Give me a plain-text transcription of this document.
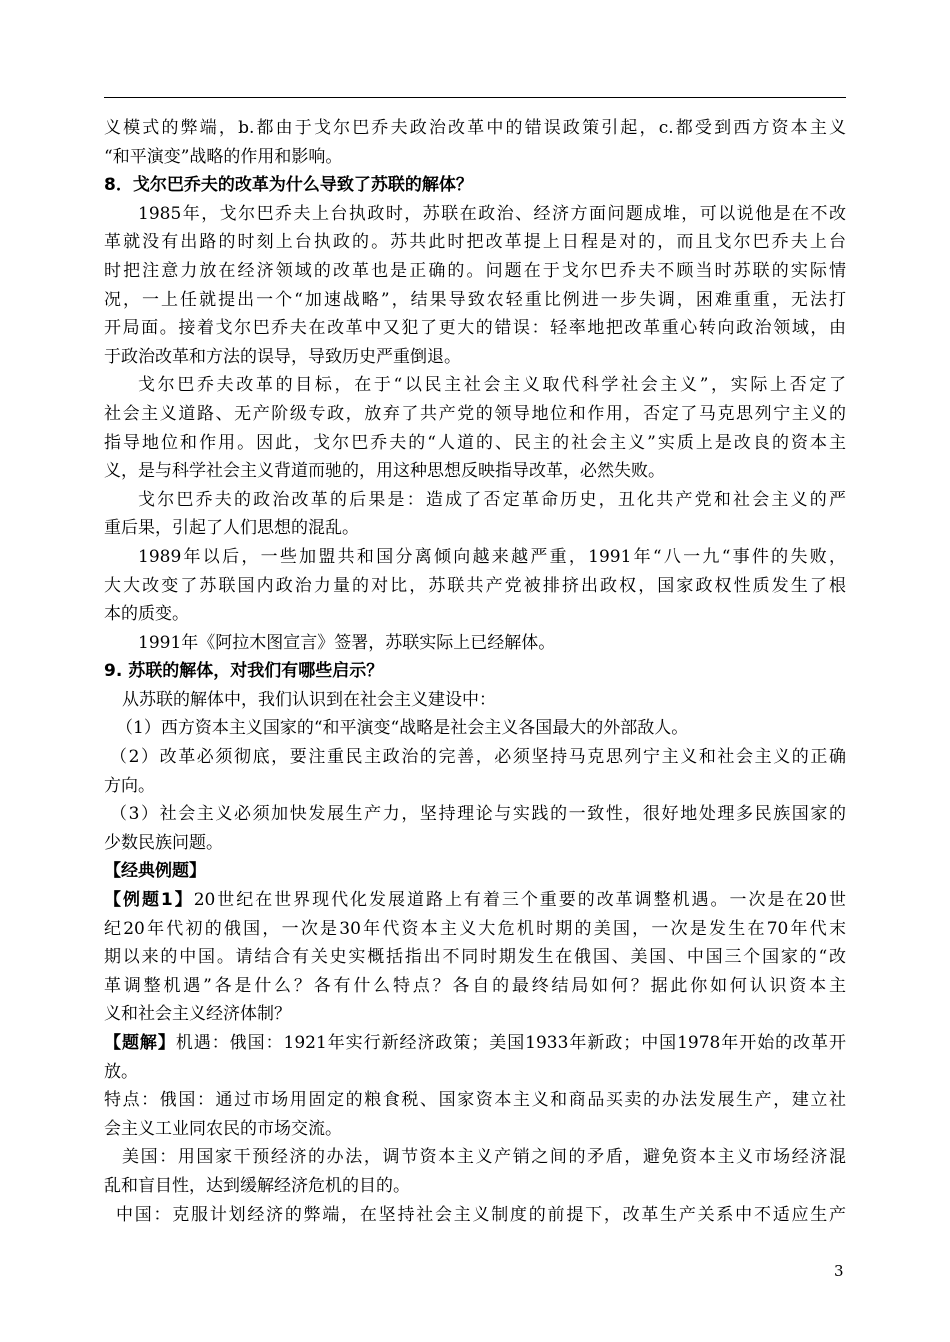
义模式的弊端，b.都由于戈尔巴乔夫政治改革中的错误政策引起，c.都受到西方资本主义
“和平演变”战略的作用和影响。
8．戈尔巴乔夫的改革为什么导致了苏联的解体？
1985年，戈尔巴乔夫上台执政时，苏联在政治、经济方面问题成堆，可以说他是在不改
革就没有出路的时刻上台执政的。苏共此时把改革提上日程是对的，而且戈尔巴乔夫上台
时把注意力放在经济领域的改革也是正确的。问题在于戈尔巴乔夫不顾当时苏联的实际情
况，一上任就提出一个“加速战略”，结果导致农轻重比例进一步失调，困难重重，无法打
开局面。接着戈尔巴乔夫在改革中又犯了更大的错误：轻率地把改革重心转向政治领域，由
于政治改革和方法的误导，导致历史严重倒退。
戈尔巴乔夫改革的目标，在于“以民主社会主义取代科学社会主义”，实际上否定了
社会主义道路、无产阶级专政，放弃了共产党的领导地位和作用，否定了马克思列宁主义的
指导地位和作用。因此，戈尔巴乔夫的“人道的、民主的社会主义”实质上是改良的资本主
义，是与科学社会主义背道而驰的，用这种思想反映指导改革，必然失败。
戈尔巴乔夫的政治改革的后果是：造成了否定革命历史，丑化共产党和社会主义的严
重后果，引起了人们思想的混乱。
1989年以后，一些加盟共和国分离倾向越来越严重，1991年“八一九“事件的失败，
大大改变了苏联国内政治力量的对比，苏联共产党被排挤出政权，国家政权性质发生了根
本的质变。
1991年《阿拉木图宣言》签署，苏联实际上已经解体。
9. 苏联的解体，对我们有哪些启示？
从苏联的解体中，我们认识到在社会主义建设中：
（1）西方资本主义国家的“和平演变“战略是社会主义各国最大的外部敌人。
（2）改革必须彻底，要注重民主政治的完善，必须坚持马克思列宁主义和社会主义的正确
方向。
（3）社会主义必须加快发展生产力，坚持理论与实践的一致性，很好地处理多民族国家的
少数民族问题。
【经典例题】
【例题1】20世纪在世界现代化发展道路上有着三个重要的改革调整机遇。一次是在20世
纪20年代初的俄国，一次是30年代资本主义大危机时期的美国，一次是发生在70年代末
期以来的中国。请结合有关史实概括指出不同时期发生在俄国、美国、中国三个国家的“改
革调整机遇”各是什么？各有什么特点？各自的最终结局如何？据此你如何认识资本主
义和社会主义经济体制？
【题解】机遇：俄国：1921年实行新经济政策；美国1933年新政；中国1978年开始的改革开
放。
特点：俄国：通过市场用固定的粮食税、国家资本主义和商品买卖的办法发展生产，建立社
会主义工业同农民的市场交流。
美国：用国家干预经济的办法，调节资本主义产销之间的矛盾，避免资本主义市场经济混
乱和盲目性，达到缓解经济危机的目的。
中国：克服计划经济的弊端，在坚持社会主义制度的前提下，改革生产关系中不适应生产
3
